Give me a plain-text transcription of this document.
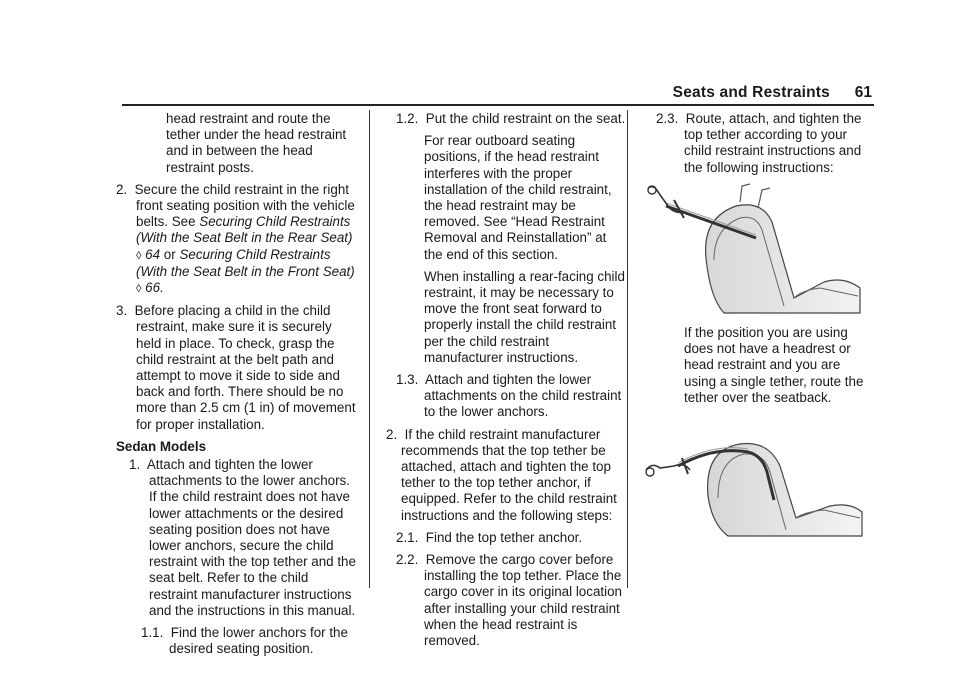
Seats and Restraints 61

head restraint and route the tether under the head restraint and in between the head restraint posts.

2. Secure the child restraint in the right front seating position with the vehicle belts. See Securing Child Restraints (With the Seat Belt in the Rear Seat) ◊ 64 or Securing Child Restraints (With the Seat Belt in the Front Seat) ◊ 66.

3. Before placing a child in the child restraint, make sure it is securely held in place. To check, grasp the child restraint at the belt path and attempt to move it side to side and back and forth. There should be no more than 2.5 cm (1 in) of movement for proper installation.

Sedan Models

1. Attach and tighten the lower attachments to the lower anchors. If the child restraint does not have lower attachments or the desired seating position does not have lower anchors, secure the child restraint with the top tether and the seat belt. Refer to the child restraint manufacturer instructions and the instructions in this manual.

1.1. Find the lower anchors for the desired seating position.

1.2. Put the child restraint on the seat.

For rear outboard seating positions, if the head restraint interferes with the proper installation of the child restraint, the head restraint may be removed. See “Head Restraint Removal and Reinstallation” at the end of this section.

When installing a rear-facing child restraint, it may be necessary to move the front seat forward to properly install the child restraint per the child restraint manufacturer instructions.

1.3. Attach and tighten the lower attachments on the child restraint to the lower anchors.

2. If the child restraint manufacturer recommends that the top tether be attached, attach and tighten the top tether to the top tether anchor, if equipped. Refer to the child restraint instructions and the following steps:

2.1. Find the top tether anchor.

2.2. Remove the cargo cover before installing the top tether. Place the cargo cover in its original location after installing your child restraint when the head restraint is removed.

2.3. Route, attach, and tighten the top tether according to your child restraint instructions and the following instructions:

If the position you are using does not have a headrest or head restraint and you are using a single tether, route the tether over the seatback.
